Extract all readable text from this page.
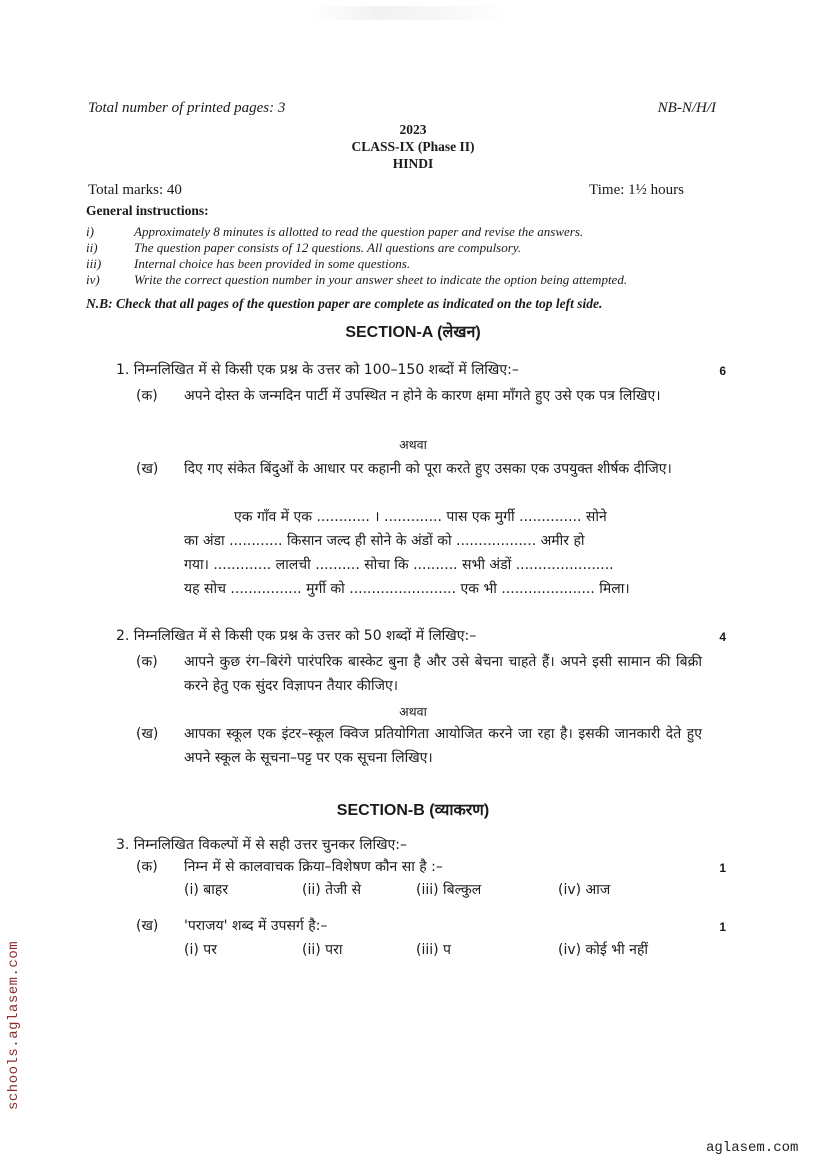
Total number of printed pages: 3	NB-N/H/I
2023
CLASS-IX (Phase II)
HINDI
Total marks: 40	Time: 1½ hours
General instructions:
i)	Approximately 8 minutes is allotted to read the question paper and revise the answers.
ii)	The question paper consists of 12 questions. All questions are compulsory.
iii)	Internal choice has been provided in some questions.
iv)	Write the correct question number in your answer sheet to indicate the option being attempted.
N.B: Check that all pages of the question paper are complete as indicated on the top left side.
SECTION-A (लेखन)
1. निम्नलिखित में से किसी एक प्रश्न के उत्तर को 100–150 शब्दों में लिखिए:–	6
(क)	अपने दोस्त के जन्मदिन पार्टी में उपस्थित न होने के कारण क्षमा माँगते हुए उसे एक पत्र लिखिए।
अथवा
(ख)	दिए गए संकेत बिंदुओं के आधार पर कहानी को पूरा करते हुए उसका एक उपयुक्त शीर्षक दीजिए।

एक गाँव में एक ............ । ............. पास एक मुर्गी .............. सोने

का अंडा ............ किसान जल्द ही सोने के अंडों को .................. अमीर हो

गया। ............. लालची .......... सोचा कि .......... सभी अंडों ......................

यह सोच ................ मुर्गी को ........................ एक भी ..................... मिला।

2. निम्नलिखित में से किसी एक प्रश्न के उत्तर को 50 शब्दों में लिखिए:–	4
(क)	आपने कुछ रंग–बिरंगे पारंपरिक बास्केट बुना है और उसे बेचना चाहते हैं। अपने इसी सामान की बिक्री करने हेतु एक सुंदर विज्ञापन तैयार कीजिए।
अथवा
(ख)	आपका स्कूल एक इंटर–स्कूल क्विज प्रतियोगिता आयोजित करने जा रहा है। इसकी जानकारी देते हुए अपने स्कूल के सूचना–पट्ट पर एक सूचना लिखिए।
SECTION-B (व्याकरण)
3. निम्नलिखित विकल्पों में से सही उत्तर चुनकर लिखिए:–
(क)	निम्न में से कालवाचक क्रिया–विशेषण कौन सा है :–	1
(i) बाहर	(ii) तेजी से	(iii) बिल्कुल	(iv) आज
(ख)	'पराजय' शब्द में उपसर्ग है:–	1
(i) पर	(ii) परा	(iii) प	(iv) कोई भी नहीं
schools.aglasem.com
aglasem.com
